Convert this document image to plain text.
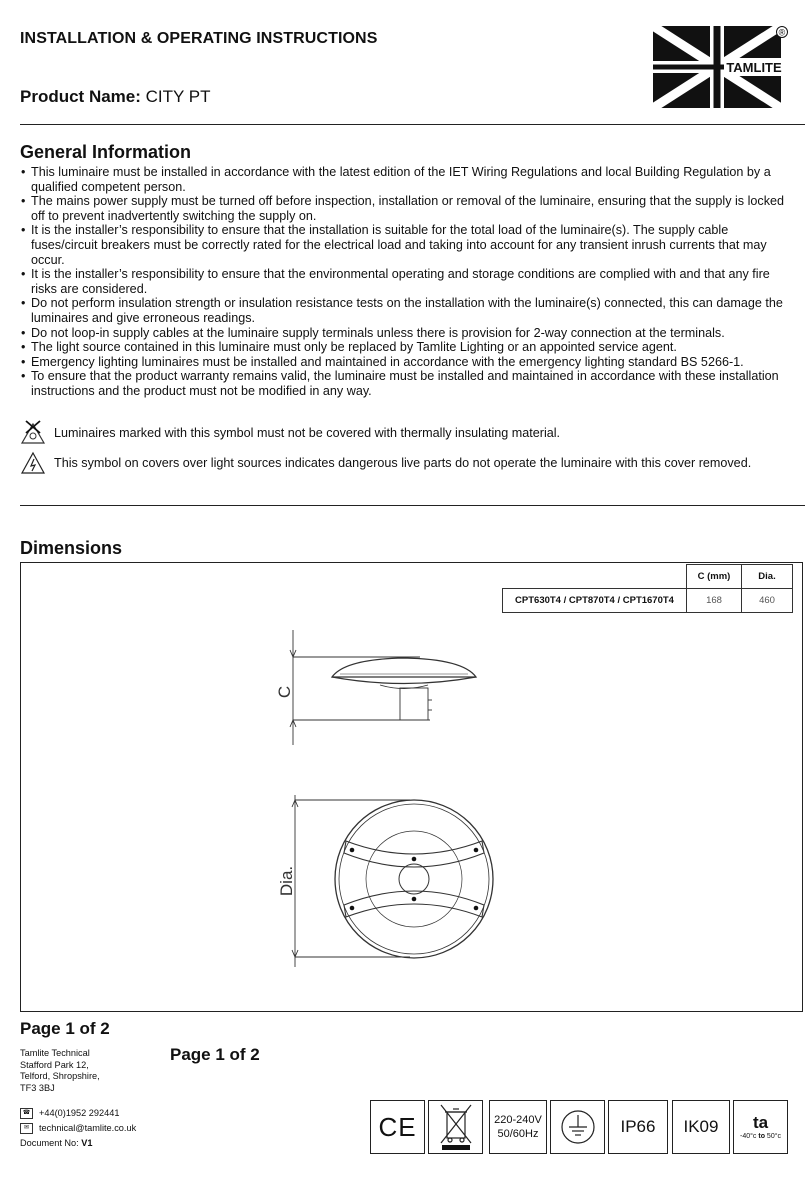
INSTALLATION & OPERATING INSTRUCTIONS
Product Name: CITY PT
TAMLITE
®
General Information
• This luminaire must be installed in accordance with the latest edition of the IET Wiring Regulations and local Building Regulation by a qualified competent person.
• The mains power supply must be turned off before inspection, installation or removal of the luminaire, ensuring that the supply is locked off to prevent inadvertently switching the supply on.
• It is the installer’s responsibility to ensure that the installation is suitable for the total load of the luminaire(s). The supply cable fuses/circuit breakers must be correctly rated for the electrical load and taking into account for any transient inrush currents that may occur.
• It is the installer’s responsibility to ensure that the environmental operating and storage conditions are complied with and that any fire risks are considered.
• Do not perform insulation strength or insulation resistance tests on the installation with the luminaire(s) connected, this can damage the luminaires and give erroneous readings.
• Do not loop-in supply cables at the luminaire supply terminals unless there is provision for 2-way connection at the terminals.
• The light source contained in this luminaire must only be replaced by Tamlite Lighting or an appointed service agent.
• Emergency lighting luminaires must be installed and maintained in accordance with the emergency lighting standard BS 5266-1.
• To ensure that the product warranty remains valid, the luminaire must be installed and maintained in accordance with these installation instructions and the product must not be modified in any way.
Luminaires marked with this symbol must not be covered with thermally insulating material.
This symbol on covers over light sources indicates dangerous live parts do not operate the luminaire with this cover removed.
Dimensions
	C (mm)	Dia.
CPT630T4 / CPT870T4 / CPT1670T4	168	460
C
Dia.
Page 1 of 2
Page 1 of 2
Tamlite Technical
Stafford Park 12,
Telford, Shropshire,
TF3 3BJ
☎ +44(0)1952 292441
✉	technical@tamlite.co.uk
Document No: V1
CE	220-240V
50/60Hz	IP66 IK09 ta
-40°c to 50°c
